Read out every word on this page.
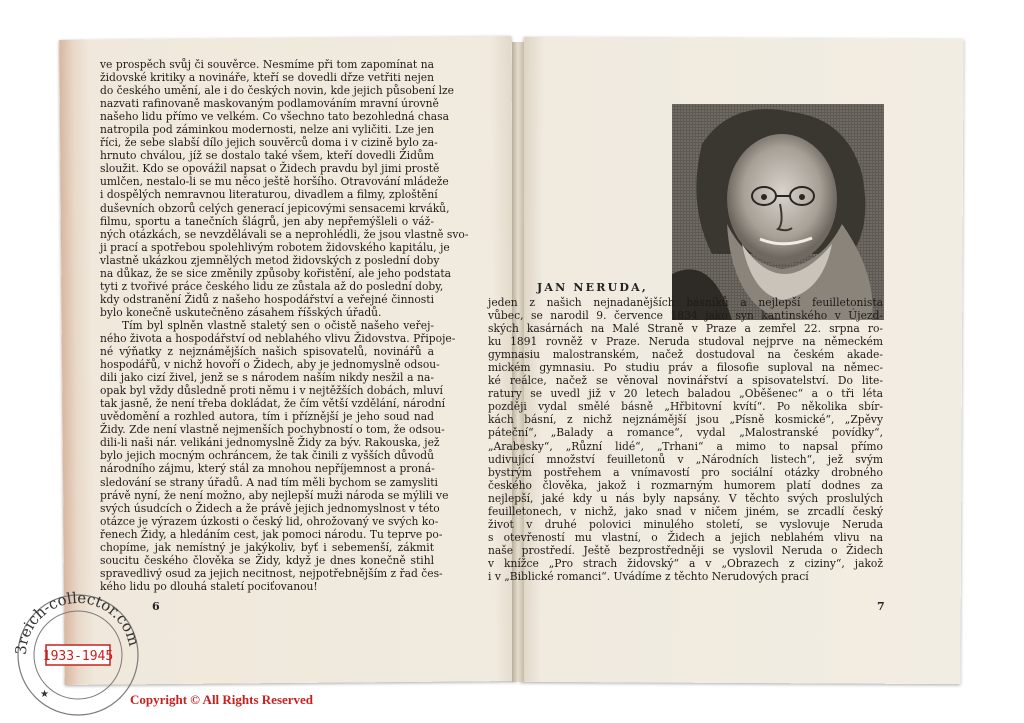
ve prospěch svůj či souvěrce. Nesmíme při tom zapomínat na
židovské kritiky a novináře, kteří se dovedli dřze vetřiti nejen
do českého umění, ale i do českých novin, kde jejich působení lze
nazvati rafinovaně maskovaným podlamováním mravní úrovně
našeho lidu přímo ve velkém. Co všechno tato bezohledná chasa
natropila pod záminkou modernosti, nelze ani vyličiti. Lze jen
říci, že sebe slabší dílo jejich souvěrců doma i v cizině bylo za-
hrnuto chválou, jíž se dostalo také všem, kteří dovedli Židům
sloužit. Kdo se opovážil napsat o Židech pravdu byl jimi prostě
umlčen, nestalo-li se mu něco ještě horšího. Otravování mládeže
i dospělých nemravnou literaturou, divadlem a filmy, zploštění
duševních obzorů celých generací jepicovými sensacemi krváků,
filmu, sportu a tanečních šlágrů, jen aby nepřemýšleli o váž-
ných otázkách, se nevzdělávali se a neprohlédli, že jsou vlastně svo-
ji prací a spotřebou spolehlivým robotem židovského kapitálu, je
vlastně ukázkou zjemnělých metod židovských z poslední doby
na důkaz, že se sice změnily způsoby kořistění, ale jeho podstata
tyti z tvořivé práce českého lidu ze zůstala až do poslední doby,
kdy odstranění Židů z našeho hospodářství a veřejné činnosti
bylo konečně uskutečněno zásahem říšských úřadů.
Tím byl splněn vlastně staletý sen o očistě našeho veřej-
ného života a hospodářství od neblahého vlivu Židovstva. Připoje-
né výňatky z nejznámějších našich spisovatelů, novinářů a
hospodářů, v nichž hovoří o Židech, aby je jednomyslně odsou-
dili jako cizí živel, jenž se s národem naším nikdy nesžil a na-
opak byl vždy důsledně proti němu i v nejtěžších dobách, mluví
tak jasně, že není třeba dokládat, že čím větší vzdělání, národní
uvědomění a rozhled autora, tím i příznější je jeho soud nad
Židy. Zde není vlastně nejmenších pochybností o tom, že odsou-
dili-li naši nár. velikáni jednomyslně Židy za býv. Rakouska, jež
bylo jejich mocným ochráncem, že tak činili z vyšších důvodů
národního zájmu, který stál za mnohou nepříjemnost a proná-
sledování se strany úřadů. A nad tím měli bychom se zamysliti
právě nyní, že není možno, aby nejlepší muži národa se mýlili ve
svých úsudcích o Židech a že právě jejich jednomyslnost v této
otázce je výrazem úzkosti o český lid, ohrožovaný ve svých ko-
řenech Židy, a hledáním cest, jak pomoci národu. Tu teprve po-
chopíme, jak nemístný je jakýkoliv, byť i sebemenší, zákmit
soucitu českého člověka se Židy, když je dnes konečně stihl
spravedlivý osud za jejich necitnost, nejpotřebnějším z řad čes-
kého lidu po dlouhá staletí pociťovanou!
6
JAN NERUDA,
jeden z našich nejnadanějších básníků a nejlepší feuilletonista
vůbec, se narodil 9. července 1834 jako syn kantinského v Újezd-
ských kasárnách na Malé Straně v Praze a zemřel 22. srpna ro-
ku 1891 rovněž v Praze. Neruda studoval nejprve na německém
gymnasiu malostranském, načež dostudoval na českém akade-
mickém gymnasiu. Po studiu práv a filosofie suploval na němec-
ké reálce, načež se věnoval novinářství a spisovatelství. Do lite-
ratury se uvedl již v 20 letech baladou „Oběšenec“ a o tři léta
později vydal smělé básně „Hřbitovní kvítí“. Po několika sbír-
kách básní, z nichž nejznámější jsou „Písně kosmické“, „Zpěvy
páteční“, „Balady a romance“, vydal „Malostranské povídky“,
„Arabesky“, „Různí lidé“, „Trhani“ a mimo to napsal přímo
udivující množství feuilletonů v „Národních listech“, jež svým
bystrým postřehem a vnímavostí pro sociální otázky drobného
českého člověka, jakož i rozmarným humorem platí dodnes za
nejlepší, jaké kdy u nás byly napsány. V těchto svých proslulých
feuilletonech, v nichž, jako snad v ničem jiném, se zrcadlí český
život v druhé polovici minulého století, se vyslovuje Neruda
s otevřeností mu vlastní, o Židech a jejich neblahém vlivu na
naše prostředí. Ještě bezprostředněji se vyslovil Neruda o Židech
v knížce „Pro strach židovský“ a v „Obrazech z ciziny“, jakož
i v „Biblické romanci“. Uvádíme z těchto Nerudových prací
7
3reich-collector.com
1933-1945
★	Copyright © All Rights Reserved
